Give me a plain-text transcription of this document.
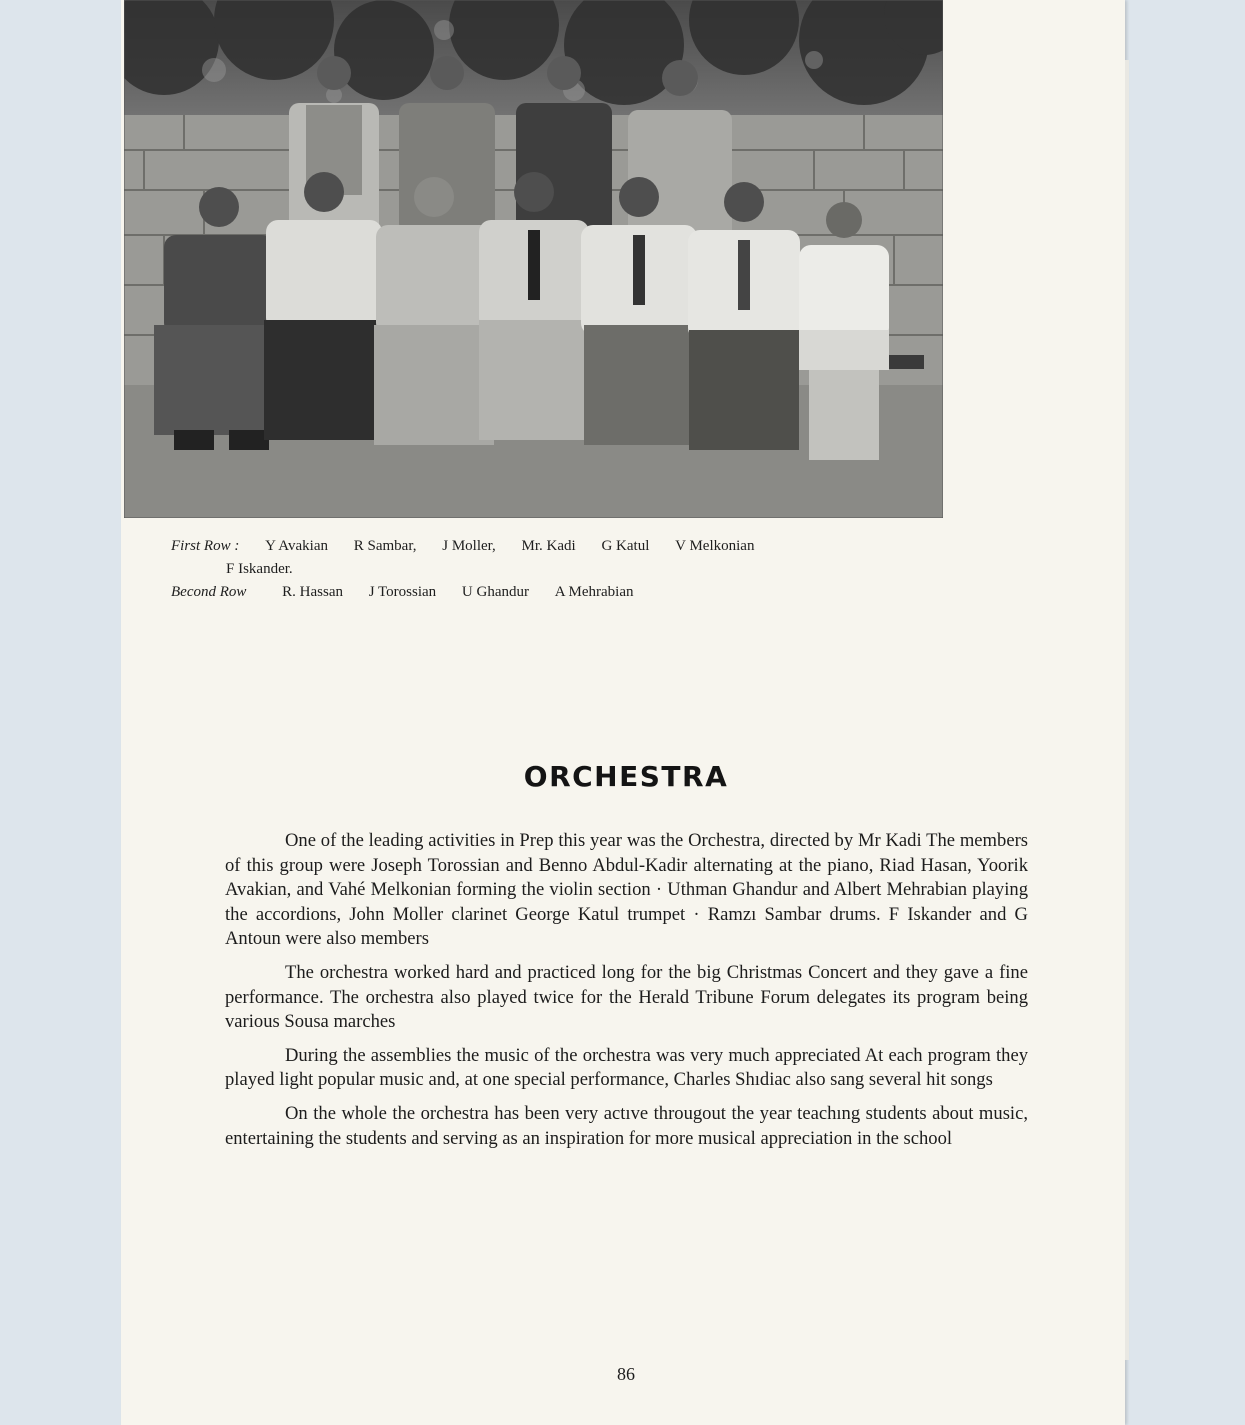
First Row : Y Avakian R Sambar, J Moller, Mr. Kadi G Katul V Melkonian
F Iskander.
Becond Row R. Hassan J Torossian U Ghandur A Mehrabian
ORCHESTRA

One of the leading activities in Prep this year was the Orchestra, directed by Mr Kadi The members of this group were Joseph Torossian and Benno Abdul-Kadir alternating at the piano, Riad Hasan, Yoorik Avakian, and Vahé Melkonian forming the violin section · Uthman Ghandur and Albert Mehrabian playing the accordions, John Moller clarinet George Katul trumpet · Ramzı Sambar drums. F Iskander and G Antoun were also members

The orchestra worked hard and practiced long for the big Christmas Concert and they gave a fine performance. The orchestra also played twice for the Herald Tribune Forum delegates its program being various Sousa marches

During the assemblies the music of the orchestra was very much appreciated At each program they played light popular music and, at one special performance, Charles Shıdiac also sang several hit songs

On the whole the orchestra has been very actıve througout the year teachıng students about music, entertaining the students and serving as an inspiration for more musical appreciation in the school

86
